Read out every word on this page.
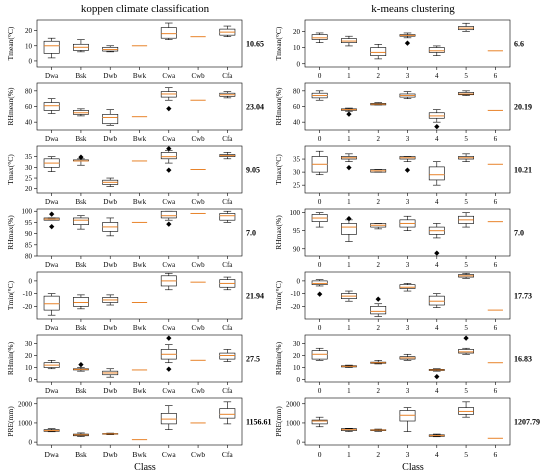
koppen climate classification	k-means clustering
Class	Class
0
10
20
Tmean(°C)	10.65
Dwa Bsk Dwb Bwk Cwa Cwb	Cfa
40
60
80
RHmean(%)	23.04
◆
Dwa Bsk Dwb Bwk Cwa Cwb	Cfa
20
25
30
35
Tmax(°C)	9.05
◆
◆
◆
Dwa Bsk Dwb Bwk Cwa Cwb	Cfa
80
85
90
95
100
RHmax(%)	7.0
◆
◆
◆
Dwa Bsk Dwb Bwk Cwa Cwb	Cfa
-20
-10
0
Tmin(°C)	21.94
Dwa Bsk Dwb Bwk Cwa Cwb	Cfa
0
10
20
30
RHmin(%)	27.5
◆
◆
◆
Dwa Bsk Dwb Bwk Cwa Cwb	Cfa
0
1000
2000
PRE(mm)	1156.61
Dwa Bsk Dwb Bwk Cwa Cwb Cfa
0
10
20
Tmean(°C)	6.6
◆
0	1	2	3	4	5	6
40
60
80
RHmean(%)	20.19
◆
◆
0	1	2	3	4	5	6
25
30
35
Tmax(°C)	10.21
◆	◆
0	1	2	3	4	5	6
90
95
100
RHmax(%)	7.0
◆
◆
0	1	2	3	4	5	6
-20
-10
0
Tmin(°C)	17.73
◆
◆
0	1	2	3	4	5	6
0
10
20
30
RHmin(%)	16.83
◆
◆
0	1	2	3	4	5	6
0
1000
2000
PRE(mm)	1207.79
0	1	2	3	4	5	6
